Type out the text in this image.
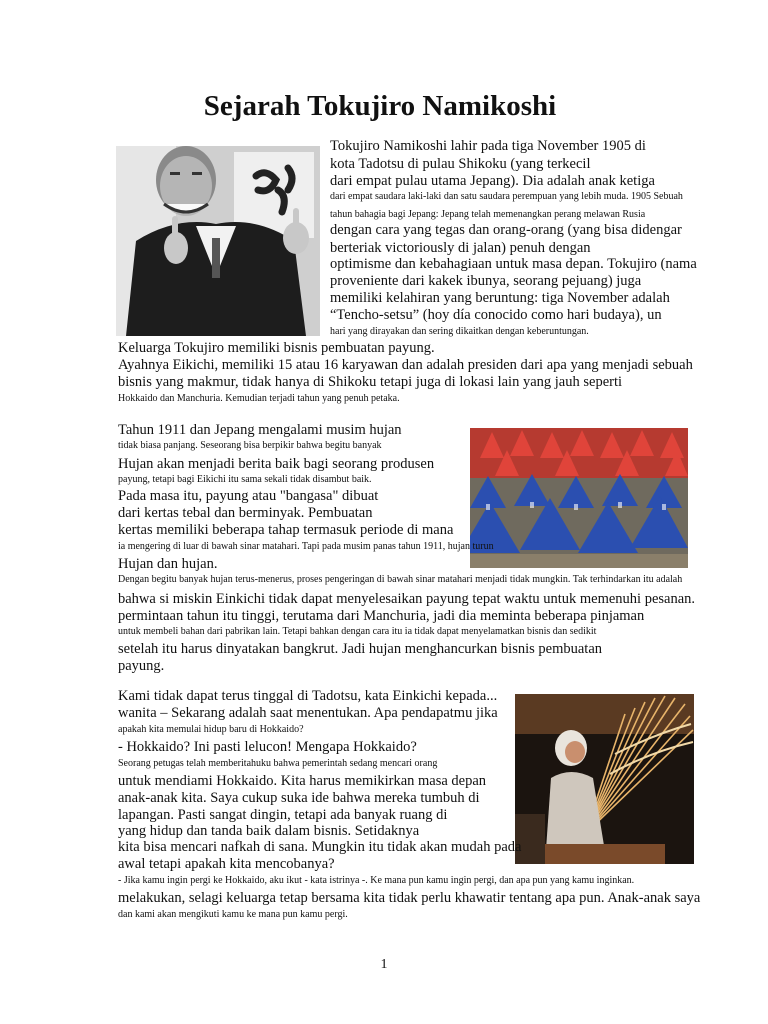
Sejarah Tokujiro Namikoshi
Tokujiro Namikoshi lahir pada tiga November 1905 di
kota Tadotsu di pulau Shikoku (yang terkecil
dari empat pulau utama Jepang). Dia adalah anak ketiga
dari empat saudara laki-laki dan satu saudara perempuan yang lebih muda. 1905 Sebuah
tahun bahagia bagi Jepang: Jepang telah memenangkan perang melawan Rusia
dengan cara yang tegas dan orang-orang (yang bisa didengar
berteriak victoriously di jalan) penuh dengan
optimisme dan kebahagiaan untuk masa depan. Tokujiro (nama
proveniente dari kakek ibunya, seorang pejuang) juga
memiliki kelahiran yang beruntung: tiga November adalah
“Tencho-setsu” (hoy día conocido como hari budaya), un
hari yang dirayakan dan sering dikaitkan dengan keberuntungan.
Keluarga Tokujiro memiliki bisnis pembuatan payung.
Ayahnya Eikichi, memiliki 15 atau 16 karyawan dan adalah presiden dari apa yang menjadi sebuah
bisnis yang makmur, tidak hanya di Shikoku tetapi juga di lokasi lain yang jauh seperti
Hokkaido dan Manchuria. Kemudian terjadi tahun yang penuh petaka.
Tahun 1911 dan Jepang mengalami musim hujan
tidak biasa panjang. Seseorang bisa berpikir bahwa begitu banyak
Hujan akan menjadi berita baik bagi seorang produsen
payung, tetapi bagi Eikichi itu sama sekali tidak disambut baik.
Pada masa itu, payung atau "bangasa" dibuat
dari kertas tebal dan berminyak. Pembuatan
kertas memiliki beberapa tahap termasuk periode di mana
ia mengering di luar di bawah sinar matahari. Tapi pada musim panas tahun 1911, hujan turun
Hujan dan hujan.
Dengan begitu banyak hujan terus-menerus, proses pengeringan di bawah sinar matahari menjadi tidak mungkin. Tak terhindarkan itu adalah
bahwa si miskin Einkichi tidak dapat menyelesaikan payung tepat waktu untuk memenuhi pesanan.
permintaan tahun itu tinggi, terutama dari Manchuria, jadi dia meminta beberapa pinjaman
untuk membeli bahan dari pabrikan lain. Tetapi bahkan dengan cara itu ia tidak dapat menyelamatkan bisnis dan sedikit
setelah itu harus dinyatakan bangkrut. Jadi hujan menghancurkan bisnis pembuatan
payung.
Kami tidak dapat terus tinggal di Tadotsu, kata Einkichi kepada...
wanita – Sekarang adalah saat menentukan. Apa pendapatmu jika
apakah kita memulai hidup baru di Hokkaido?
- Hokkaido? Ini pasti lelucon! Mengapa Hokkaido?
Seorang petugas telah memberitahuku bahwa pemerintah sedang mencari orang
untuk mendiami Hokkaido. Kita harus memikirkan masa depan
anak-anak kita. Saya cukup suka ide bahwa mereka tumbuh di
lapangan. Pasti sangat dingin, tetapi ada banyak ruang di
yang hidup dan tanda baik dalam bisnis. Setidaknya
kita bisa mencari nafkah di sana. Mungkin itu tidak akan mudah pada
awal tetapi apakah kita mencobanya?
- Jika kamu ingin pergi ke Hokkaido, aku ikut - kata istrinya -. Ke mana pun kamu ingin pergi, dan apa pun yang kamu inginkan.
melakukan, selagi keluarga tetap bersama kita tidak perlu khawatir tentang apa pun. Anak-anak saya
dan kami akan mengikuti kamu ke mana pun kamu pergi.
1
